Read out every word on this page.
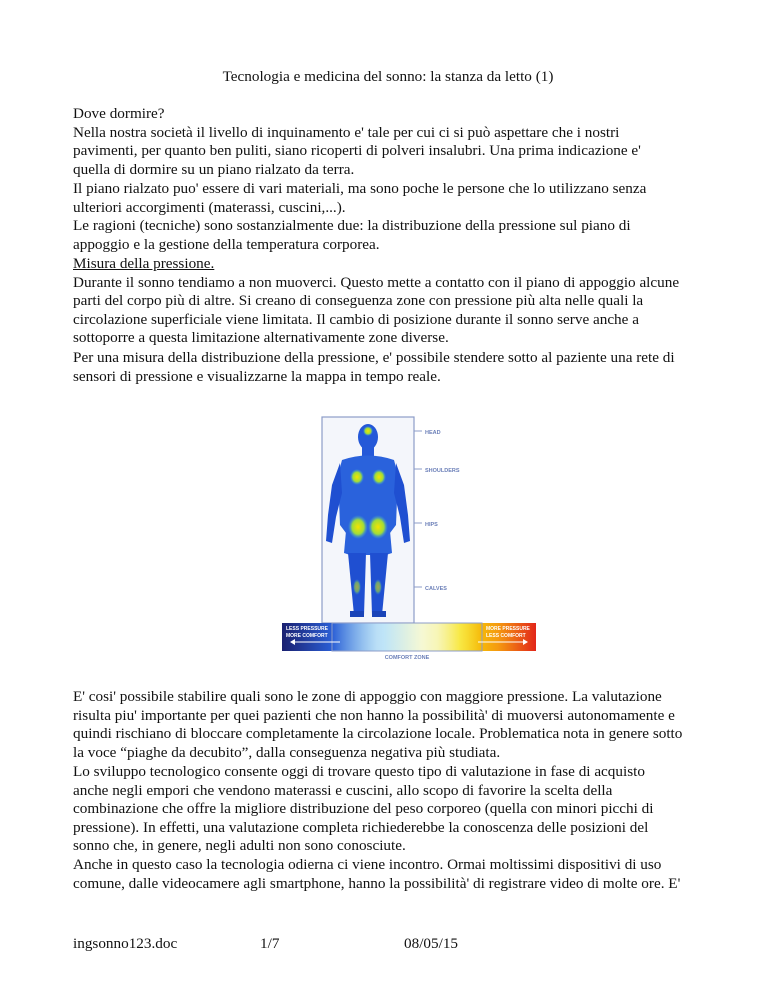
Tecnologia e medicina del sonno: la stanza da letto (1)

Dove dormire?

Nella nostra società il livello di inquinamento e' tale per cui ci si può aspettare che i nostri

pavimenti, per quanto ben puliti, siano ricoperti di polveri insalubri. Una prima indicazione e'

quella di dormire su un piano rialzato da terra.

Il piano rialzato puo' essere di vari materiali, ma sono poche le persone che lo utilizzano senza

ulteriori accorgimenti (materassi, cuscini,...).

Le ragioni (tecniche) sono sostanzialmente due: la distribuzione della pressione sul piano di

appoggio e la gestione della temperatura corporea.

Misura della pressione.

Durante il sonno tendiamo a non muoverci. Questo mette a contatto con il piano di appoggio alcune

parti del corpo più di altre. Si creano di conseguenza zone con pressione più alta nelle quali la

circolazione superficiale viene limitata. Il cambio di posizione durante il sonno serve anche a

sottoporre a questa limitazione alternativamente zone diverse.

Per una misura della distribuzione della pressione, e' possibile stendere sotto al paziente una rete di

sensori di pressione e visualizzarne la mappa in tempo reale.

HEAD
SHOULDERS
HIPS
CALVES
LESS PRESSURE
MORE COMFORT
MORE PRESSURE
LESS COMFORT
COMFORT ZONE

E' cosi' possibile stabilire quali sono le zone di appoggio con maggiore pressione. La valutazione

risulta piu' importante per quei pazienti che non hanno la possibilità' di muoversi autonomamente e

quindi rischiano di bloccare completamente la circolazione locale. Problematica nota in genere sotto

la voce “piaghe da decubito”, dalla conseguenza negativa più studiata.

Lo sviluppo tecnologico consente oggi di trovare questo tipo di valutazione in fase di acquisto

anche negli empori che vendono materassi e cuscini, allo scopo di favorire la scelta della

combinazione che offre la migliore distribuzione del peso corporeo (quella con minori picchi di

pressione). In effetti, una valutazione completa richiederebbe la conoscenza delle posizioni del

sonno che, in genere, negli adulti non sono conosciute.

Anche in questo caso la tecnologia odierna ci viene incontro. Ormai moltissimi dispositivi di uso

comune, dalle videocamere agli smartphone, hanno la possibilità' di registrare video di molte ore. E'

ingsonno123.doc	1/7	08/05/15
